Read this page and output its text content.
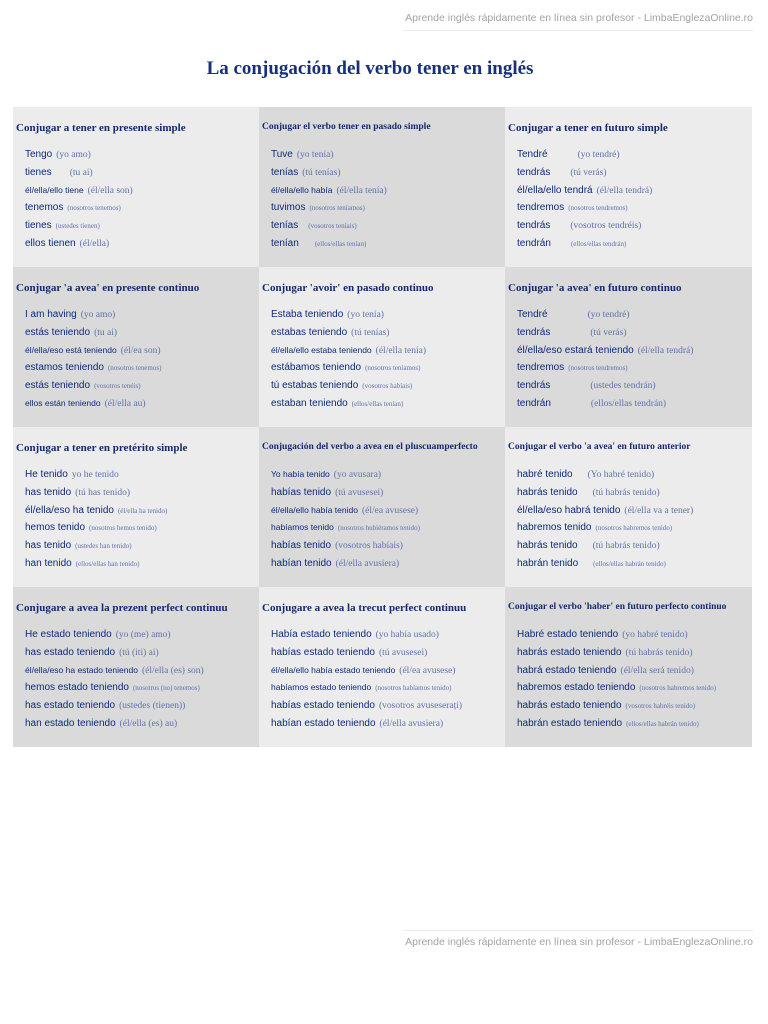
Aprende inglés rápidamente en línea sin profesor - LimbaEnglezaOnline.ro
La conjugación del verbo tener en inglés
Conjugar a tener en presente simple
Tengo (yo amo)
tienes (tu ai)
él/ella/ello tiene (él/ella son)
tenemos (nosotros tenemos)
tienes (ustedes tienen)
ellos tienen (él/ella)
Conjugar el verbo tener en pasado simple
Tuve (yo tenía)
tenías (tú tenías)
él/ella/ello había (él/ella tenía)
tuvimos (nosotros teníamos)
tenías (vosotros teníais)
tenían (ellos/ellas tenían)
Conjugar a tener en futuro simple
Tendré	(yo tendré)
tendrás (tú verás)
él/ella/ello tendrá (él/ella tendrá)
tendremos (nosotros tendremos)
tendrás (vosotros tendréis)
tendrán	(ellos/ellas tendrán)
Conjugar 'a avea' en presente continuo
I am having (yo amo)
estás teniendo (tu ai)
él/ella/eso está teniendo (él/ea son)
estamos teniendo (nosotros tenemos)
estás teniendo (vosotros tenéis)
ellos están teniendo (él/ella au)
Conjugar 'avoir' en pasado continuo
Estaba teniendo (yo tenía)
estabas teniendo (tú tenías)
él/ella/ello estaba teniendo (él/ella tenía)
estábamos teniendo (nosotros teníamos)
tú estabas teniendo (vosotros habíais)
estaban teniendo (ellos/ellas tenían)
Conjugar 'a avea' en futuro continuo
Tendré	(yo tendré)
tendrás	(tú verás)
él/ella/eso estará teniendo (él/ella tendrá)
tendremos (nosotros tendremos)
tendrás	(ustedes tendrán)
tendrán	(ellos/ellas tendrán)
Conjugar a tener en pretérito simple
He tenido yo he tenido
has tenido (tú has tenido)
él/ella/eso ha tenido (él/ella ha tenido)
hemos tenido (nosotros hemos tenido)
has tenido (ustedes han tenido)
han tenido (ellos/ellas han tenido)
Conjugación del verbo a avea en el pluscuamperfecto
Yo había tenido (yo avusara)
habías tenido (tú avusesei)
él/ella/ello había tenido (él/ea avusese)
habíamos tenido (nosotros hubiéramos tenido)
habías tenido (vosotros habíais)
habían tenido (él/ella avusiera)
Conjugar el verbo 'a avea' en futuro anterior
habré tenido (Yo habré tenido)
habrás tenido (tú habrás tenido)
él/ella/eso habrá tenido (él/ella va a tener)
habremos tenido (nosotros habremos tenido)
habrás tenido (tú habrás tenido)
habrán tenido (ellos/ellas habrán tenido)
Conjugare a avea la prezent perfect continuu
He estado teniendo (yo (me) amo)
has estado teniendo (tú (iti) ai)
él/ella/eso ha estado teniendo (él/ella (es) son)
hemos estado teniendo (nosotros (no) tenemos)
has estado teniendo (ustedes (tienen))
han estado teniendo (él/ella (es) au)
Conjugare a avea la trecut perfect continuu
Había estado teniendo (yo había usado)
habías estado teniendo (tú avusesei)
él/ella/ello había estado teniendo (él/ea avusese)
habíamos estado teniendo (nosotros habíamos tenido)
habías estado teniendo (vosotros avuseserați)
habían estado teniendo (él/ella avusiera)
Conjugar el verbo 'haber' en futuro perfecto continuo
Habré estado teniendo (yo habré tenido)
habrás estado teniendo (tú habrás tenido)
habrá estado teniendo (él/ella será tenido)
habremos estado teniendo (nosotros habremos tenido)
habrás estado teniendo (vosotros habréis tenido)
habrán estado teniendo (ellos/ellas habrán tenido)
Aprende inglés rápidamente en línea sin profesor - LimbaEnglezaOnline.ro
